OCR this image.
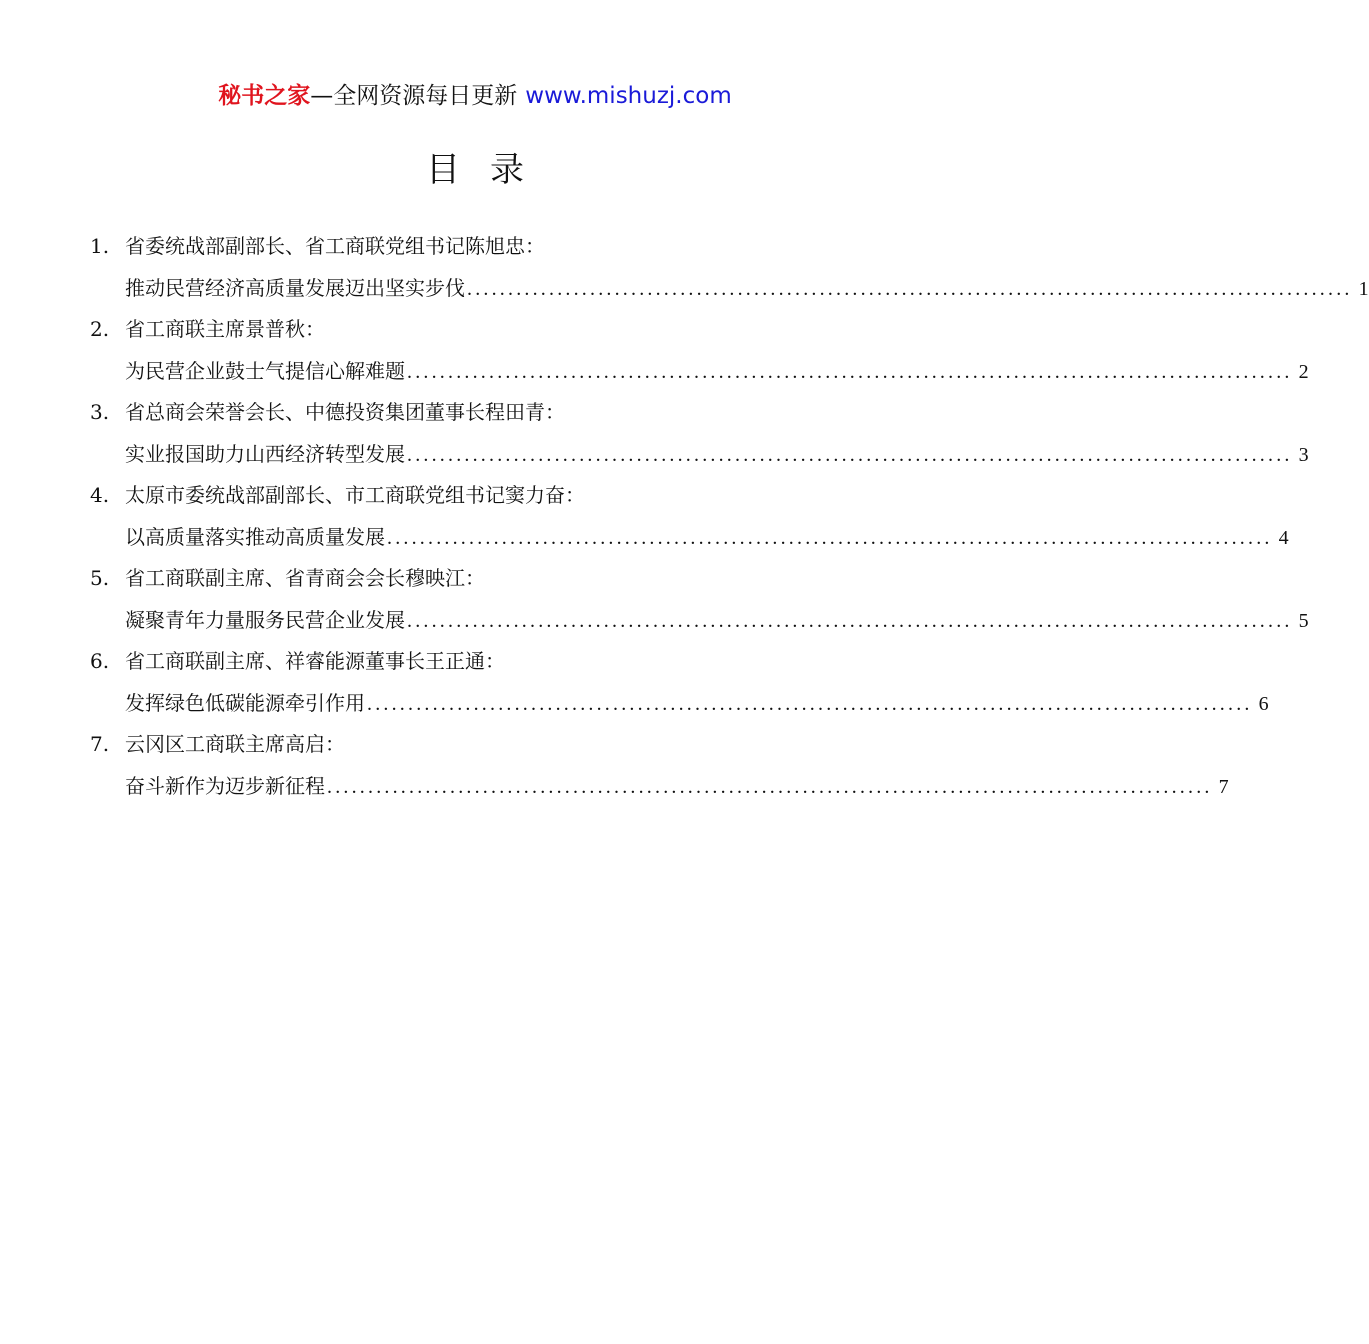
秘书之家—全网资源每日更新 www.mishuzj.com
目录
1. 省委统战部副部长、省工商联党组书记陈旭忠：
推动民营经济高质量发展迈出坚实步伐 ............................................................................................................ 1
2. 省工商联主席景普秋：
为民营企业鼓士气提信心解难题 ............................................................................................................ 2
3. 省总商会荣誉会长、中德投资集团董事长程田青：
实业报国助力山西经济转型发展 ............................................................................................................ 3
4. 太原市委统战部副部长、市工商联党组书记窦力奋：
以高质量落实推动高质量发展 ............................................................................................................ 4
5. 省工商联副主席、省青商会会长穆映江：
凝聚青年力量服务民营企业发展 ............................................................................................................ 5
6. 省工商联副主席、祥睿能源董事长王正通：
发挥绿色低碳能源牵引作用 ............................................................................................................ 6
7. 云冈区工商联主席高启：
奋斗新作为迈步新征程 ............................................................................................................ 7
